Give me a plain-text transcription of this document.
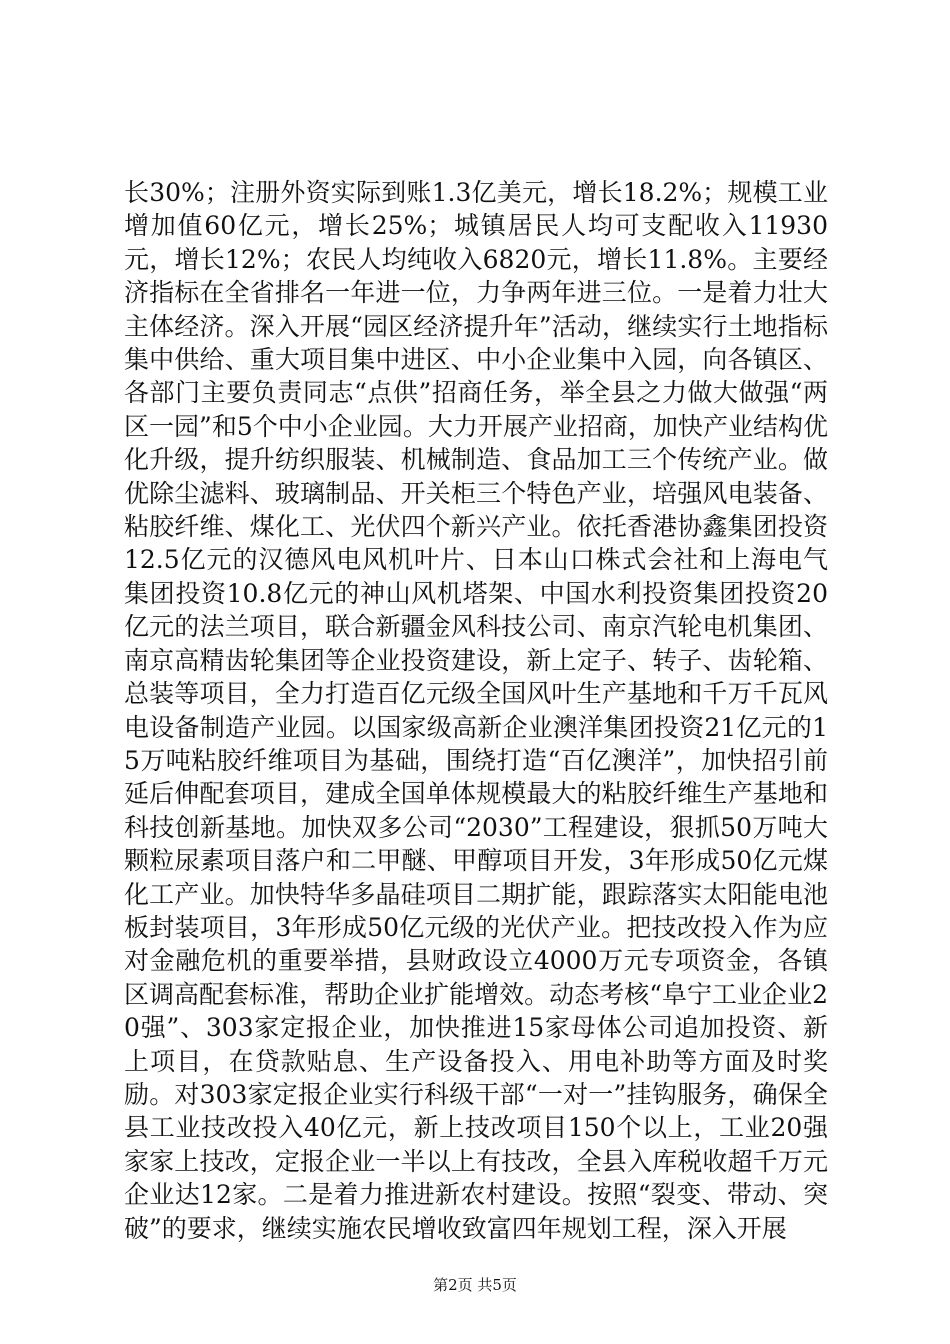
长30%；注册外资实际到账1.3亿美元，增长18.2%；规模工业增加值60亿元，增长25%；城镇居民人均可支配收入11930元，增长12%；农民人均纯收入6820元，增长11.8%。主要经济指标在全省排名一年进一位，力争两年进三位。一是着力壮大主体经济。深入开展“园区经济提升年”活动，继续实行土地指标集中供给、重大项目集中进区、中小企业集中入园，向各镇区、各部门主要负责同志“点供”招商任务，举全县之力做大做强“两区一园”和5个中小企业园。大力开展产业招商，加快产业结构优化升级，提升纺织服装、机械制造、食品加工三个传统产业。做优除尘滤料、玻璃制品、开关柜三个特色产业，培强风电装备、粘胶纤维、煤化工、光伏四个新兴产业。依托香港协鑫集团投资12.5亿元的汉德风电风机叶片、日本山口株式会社和上海电气集团投资10.8亿元的神山风机塔架、中国水利投资集团投资20亿元的法兰项目，联合新疆金风科技公司、南京汽轮电机集团、南京高精齿轮集团等企业投资建设，新上定子、转子、齿轮箱、总装等项目，全力打造百亿元级全国风叶生产基地和千万千瓦风电设备制造产业园。以国家级高新企业澳洋集团投资21亿元的15万吨粘胶纤维项目为基础，围绕打造“百亿澳洋”，加快招引前延后伸配套项目，建成全国单体规模最大的粘胶纤维生产基地和科技创新基地。加快双多公司“2030”工程建设，狠抓50万吨大颗粒尿素项目落户和二甲醚、甲醇项目开发，3年形成50亿元煤化工产业。加快特华多晶硅项目二期扩能，跟踪落实太阳能电池板封装项目，3年形成50亿元级的光伏产业。把技改投入作为应对金融危机的重要举措，县财政设立4000万元专项资金，各镇区调高配套标准，帮助企业扩能增效。动态考核“阜宁工业企业20强”、303家定报企业，加快推进15家母体公司追加投资、新上项目，在贷款贴息、生产设备投入、用电补助等方面及时奖励。对303家定报企业实行科级干部“一对一”挂钩服务，确保全县工业技改投入40亿元，新上技改项目150个以上，工业20强家家上技改，定报企业一半以上有技改，全县入库税收超千万元企业达12家。二是着力推进新农村建设。按照“裂变、带动、突破”的要求，继续实施农民增收致富四年规划工程，深入开展

第2页 共5页
